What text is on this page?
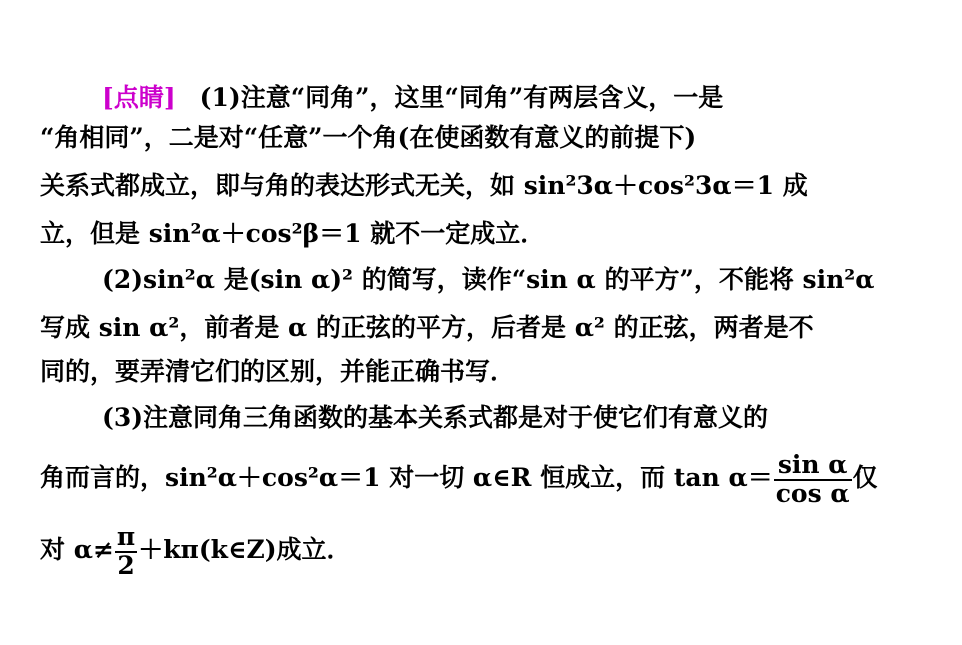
[点睛] (1)注意“同角”，这里“同角”有两层含义，一是
“角相同”，二是对“任意”一个角(在使函数有意义的前提下)
关系式都成立，即与角的表达形式无关，如 sin²3α＋cos²3α＝1 成
立，但是 sin²α＋cos²β＝1 就不一定成立．
(2)sin²α 是(sin α)² 的简写，读作“sin α 的平方”，不能将 sin²α
写成 sin α²，前者是 α 的正弦的平方，后者是 α² 的正弦，两者是不
同的，要弄清它们的区别，并能正确书写．
(3)注意同角三角函数的基本关系式都是对于使它们有意义的
角而言的，sin²α＋cos²α＝1 对一切 α∈R 恒成立，而 $\tan \alpha= \frac{\text{sin α}}{\text{cos α}}$ 仅
对 $\alpha\ne \frac{\pi}{2}$ ＋kπ(k∈Z)成立．
